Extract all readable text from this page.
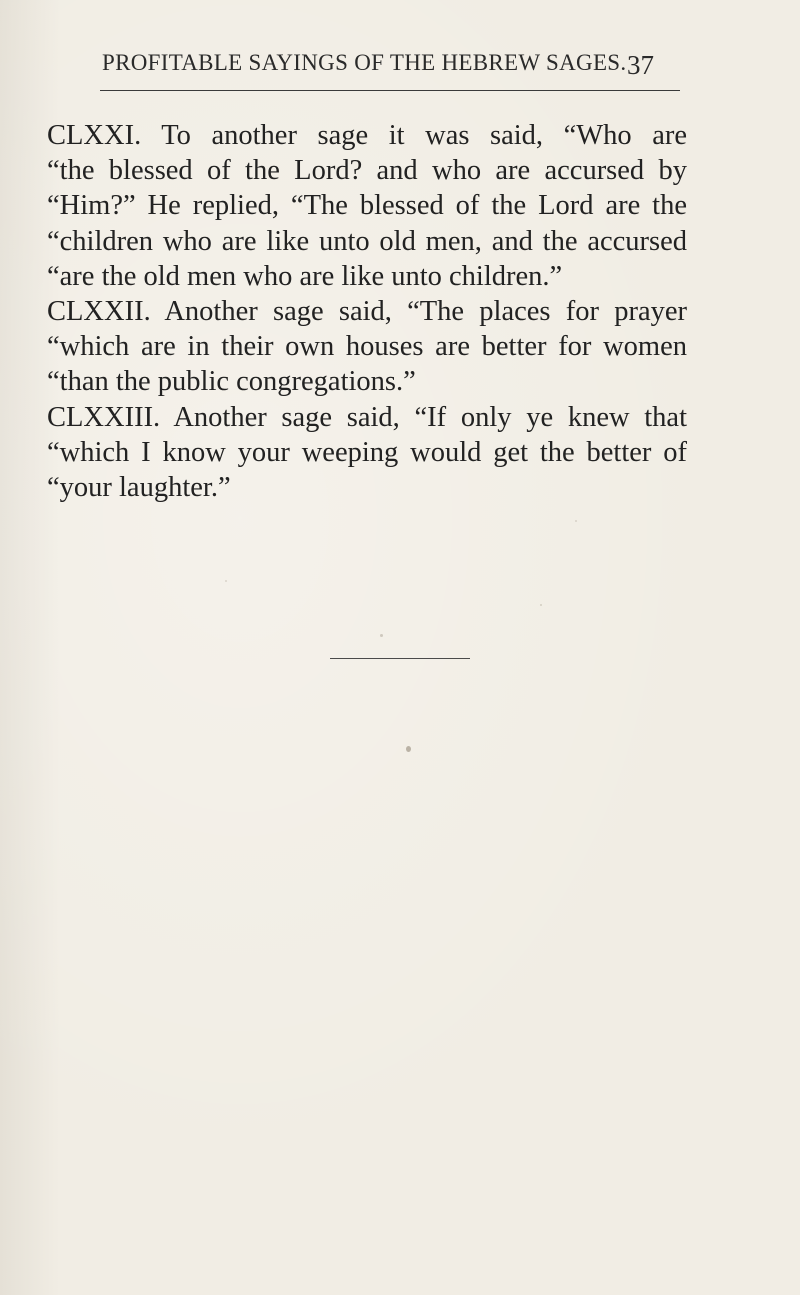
PROFITABLE SAYINGS OF THE HEBREW SAGES. 37
CLXXI. To another sage it was said, “Who are
“the blessed of the Lord? and who are accursed by
“Him?” He replied, “The blessed of the Lord are the
“children who are like unto old men, and the accursed
“are the old men who are like unto children.”
CLXXII. Another sage said, “The places for prayer
“which are in their own houses are better for women
“than the public congregations.”
CLXXIII. Another sage said, “If only ye knew that
“which I know your weeping would get the better of
“your laughter.”
